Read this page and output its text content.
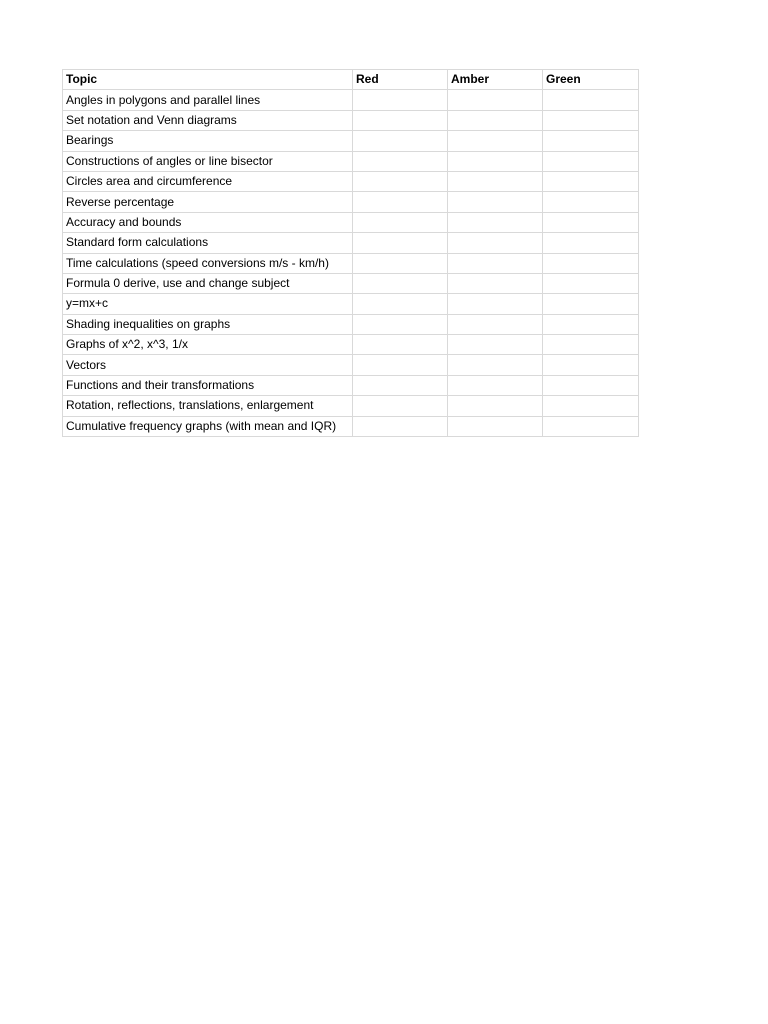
Topic	Red	Amber	Green
Angles in polygons and parallel lines			
Set notation and Venn diagrams			
Bearings			
Constructions of angles or line bisector			
Circles area and circumference			
Reverse percentage			
Accuracy and bounds			
Standard form calculations			
Time calculations (speed conversions m/s - km/h)			
Formula 0 derive, use and change subject			
y=mx+c			
Shading inequalities on graphs			
Graphs of x^2, x^3, 1/x			
Vectors			
Functions and their transformations			
Rotation, reflections, translations, enlargement			
Cumulative frequency graphs (with mean and IQR)			
